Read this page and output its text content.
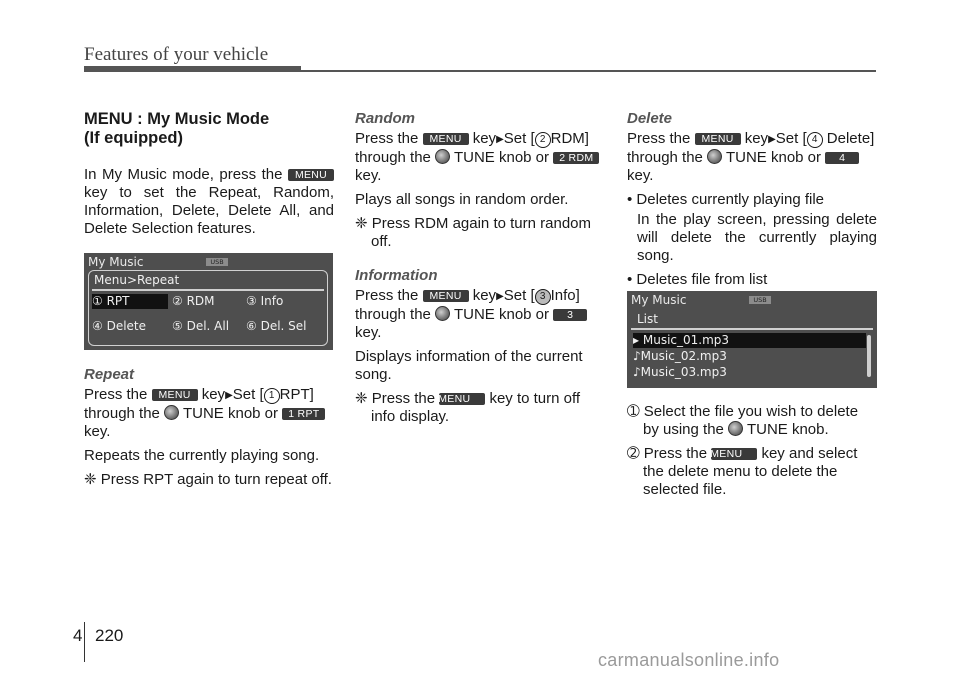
Features of your vehicle

MENU : My Music Mode
(If equipped)

In My Music mode, press the MENU key to set the Repeat, Random, Information, Delete, Delete All, and Delete Selection features.

Repeat

Press the MENU key▶Set [ 1 RPT] through the TUNE knob or 1 RPT key.

Repeats the currently playing song.

❈ Press RPT again to turn repeat off.

My Music	USB
Menu>Repeat
① RPT	② RDM	③ Info
④ Delete ⑤ Del. All ⑥ Del. Sel

Random

Press the MENU key▶Set [ 2 RDM] through the TUNE knob or 2 RDM key.

Plays all songs in random order.

❈ Press RDM again to turn random off.

Information

Press the MENU key▶Set [ 3 Info] through the TUNE knob or 3 key.

Displays information of the current song.

❈ Press the MENU key to turn off info display.

Delete

Press the MENU key▶Set [ 4 Delete] through the TUNE knob or 4 key.

• Deletes currently playing file

In the play screen, pressing delete will delete the currently playing song.

• Deletes file from list

➀ Select the file you wish to delete by using the TUNE knob.

➁ Press the MENU key and select the delete menu to delete the selected file.

My Music	USB
List
▸ Music_01.mp3
♪Music_02.mp3
♪Music_03.mp3
4 220
carmanualsonline.info
